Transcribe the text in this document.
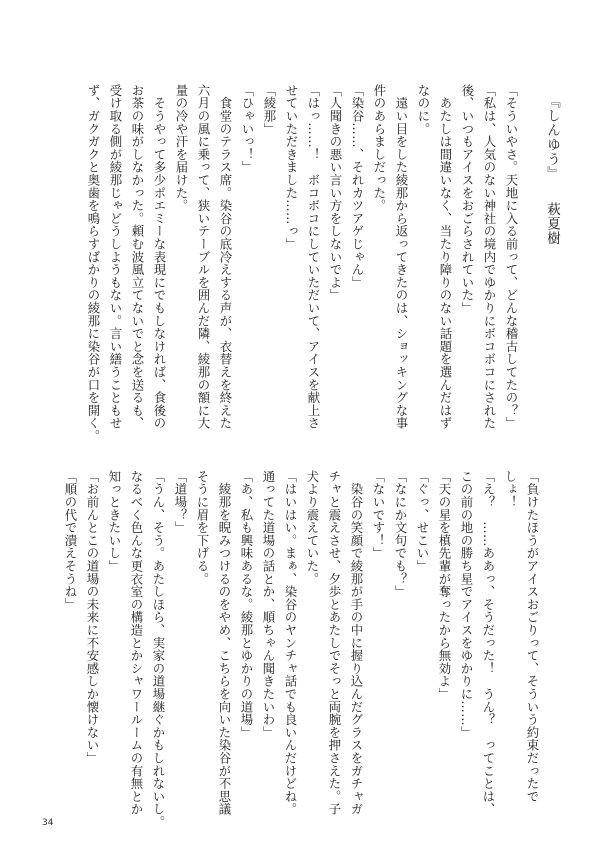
『しんゆう』
萩夏樹
「そういやさ。天地に入る前って、どんな稽古してたの？」
「私は、人気のない神社の境内でゆかりにボコボコにされた
後、いつもアイスをおごらされていた」
　あたしは間違いなく、当たり障りのない話題を選んだはず
なのに。
　遠い目をした綾那から返ってきたのは、ショッキングな事
件のあらましだった。
「染谷……、それカツアゲじゃん」
「人聞きの悪い言い方をしないでよ」
「はっ……！　ボコボコにしていただいて、アイスを献上さ
せていただきました……っ」
「綾那」
「ひゃいっ！」
　食堂のテラス席。染谷の底冷えする声が、衣替えを終えた
六月の風に乗って、狭いテーブルを囲んだ隣、綾那の額に大
量の冷や汗を届けた。
　そうやって多少ポエミーな表現にでもしなければ、食後の
お茶の味がしなかった。頼む波風立てないでと念を送るも、
受け取る側が綾那じゃどうしようもない。言い繕うこともせ
ず、ガクガクと奥歯を鳴らすばかりの綾那に染谷が口を開く。
「負けたほうがアイスおごりって、そういう約束だったで
しょ！
「え？　……ああっ、そうだった！　うん？　ってことは、
この前の地の勝ち星でアイスをゆかりに……」
「天の星を槙先輩が奪ったから無効よ」
「ぐっ、せこい」
「なにか文句でも？」
「ないです！」
　染谷の笑顔で綾那が手の中に握り込んだグラスをガチャガ
チャと震えさせ、夕歩とあたしでそっと両腕を押さえた。子
犬より震えていた。
「はいはい。まぁ、染谷のヤンチャ話でも良いんだけどね。
通ってた道場の話とか、順ちゃん聞きたいわ」
「あ、私も興味あるな。綾那とゆかりの道場」
　綾那を睨みつけるのをやめ、こちらを向いた染谷が不思議
そうに眉を下げる。
「道場？」
「うん、そう。あたしほら、実家の道場継ぐかもしれないし。
なるべく色んな更衣室の構造とかシャワールームの有無とか
知っときたいし」
「お前んとこの道場の未来に不安感しか懐けない」
「順の代で潰えそうね」
34
